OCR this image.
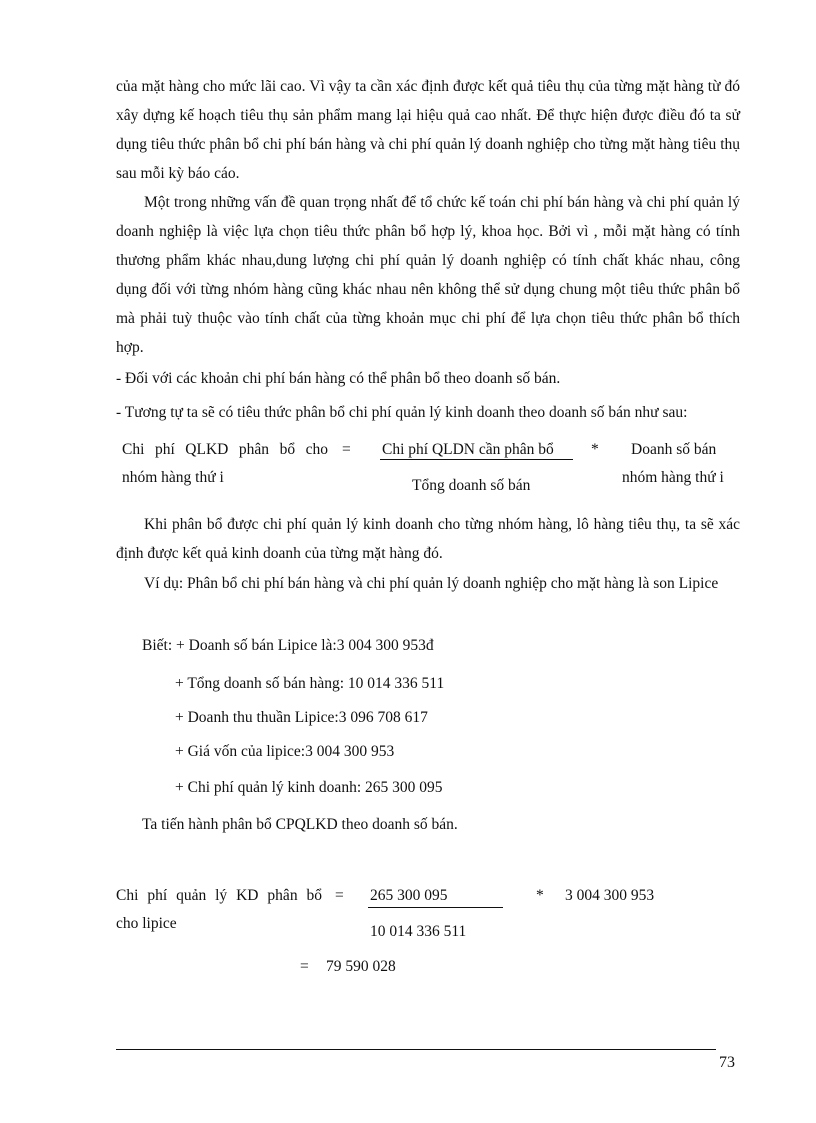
của mặt hàng cho mức lãi cao. Vì vậy ta cần xác định được kết quả tiêu thụ của từng mặt hàng từ đó xây dựng kế hoạch tiêu thụ sản phẩm mang lại hiệu quả cao nhất. Để thực hiện được điều đó ta sử dụng tiêu thức phân bổ chi phí bán hàng và chi phí quản lý doanh nghiệp cho từng mặt hàng tiêu thụ sau mỗi kỳ báo cáo.

Một trong những vấn đề quan trọng nhất để tổ chức kế toán chi phí bán hàng và chi phí quản lý doanh nghiệp là việc lựa chọn tiêu thức phân bổ hợp lý, khoa học. Bởi vì , mỗi mặt hàng có tính thương phẩm khác nhau,dung lượng chi phí quản lý doanh nghiệp có tính chất khác nhau, công dụng đối với từng nhóm hàng cũng khác nhau nên không thể sử dụng chung một tiêu thức phân bổ mà phải tuỳ thuộc vào tính chất của từng khoản mục chi phí để lựa chọn tiêu thức phân bổ thích hợp.

- Đối với các khoản chi phí bán hàng có thể phân bổ theo doanh số bán.
- Tương tự ta sẽ có tiêu thức phân bổ chi phí quản lý kinh doanh theo doanh số bán như sau:
Chi phí QLKD phân bổ cho
nhóm hàng thứ i
= Chi phí QLDN cần phân bổ
Tổng doanh số bán
* Doanh số bán
nhóm hàng thứ i

Khi phân bổ được chi phí quản lý kinh doanh cho từng nhóm hàng, lô hàng tiêu thụ, ta sẽ xác định được kết quả kinh doanh của từng mặt hàng đó.

Ví dụ: Phân bổ chi phí bán hàng và chi phí quản lý doanh nghiệp cho mặt hàng là son Lipice

Biết: + Doanh số bán Lipice là:3 004 300 953đ
+ Tổng doanh số bán hàng: 10 014 336 511
+ Doanh thu thuần Lipice:3 096 708 617
+ Giá vốn của lipice:3 004 300 953
+ Chi phí quản lý kinh doanh: 265 300 095
Ta tiến hành phân bổ CPQLKD theo doanh số bán.
Chi phí quản lý KD phân bổ
cho lipice
= 265 300 095
10 014 336 511
* 3 004 300 953
= 79 590 028
73
